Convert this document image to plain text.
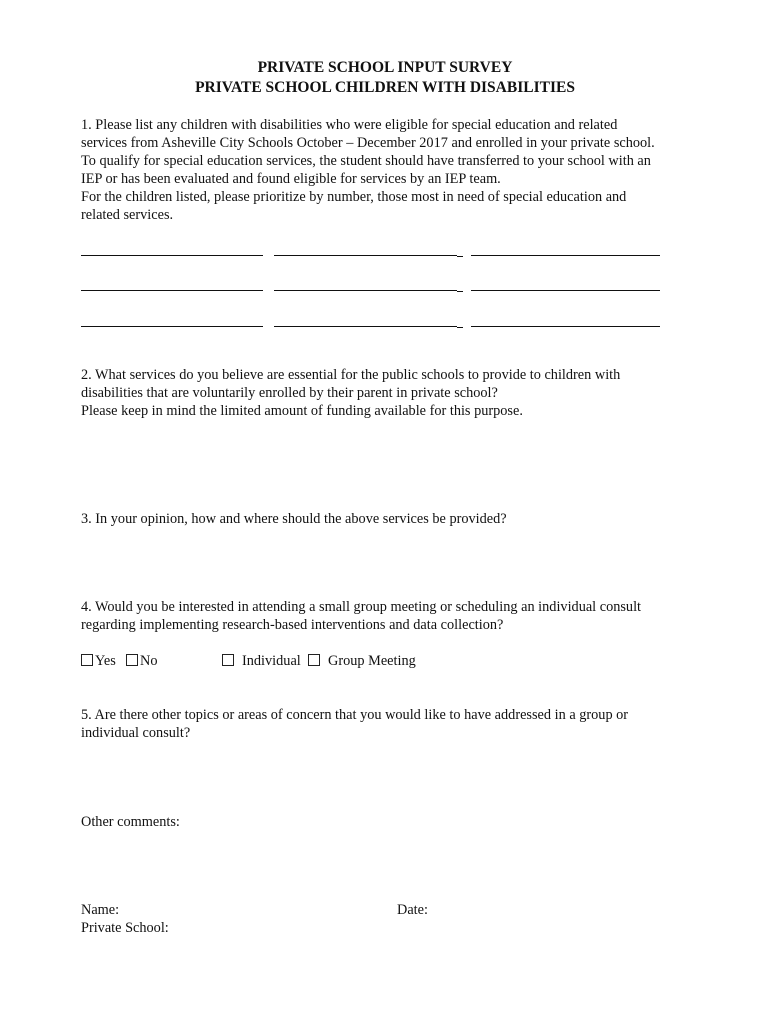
PRIVATE SCHOOL INPUT SURVEY
PRIVATE SCHOOL CHILDREN WITH DISABILITIES
1. Please list any children with disabilities who were eligible for special education and related
services from Asheville City Schools October – December 2017 and enrolled in your private school.
To qualify for special education services, the student should have transferred to your school with an
IEP or has been evaluated and found eligible for services by an IEP team.
For the children listed, please prioritize by number, those most in need of special education and
related services.
2. What services do you believe are essential for the public schools to provide to children with
disabilities that are voluntarily enrolled by their parent in private school?
Please keep in mind the limited amount of funding available for this purpose.
3. In your opinion, how and where should the above services be provided?
4. Would you be interested in attending a small group meeting or scheduling an individual consult
regarding implementing research-based interventions and data collection?
Yes	No	Individual	Group Meeting
5. Are there other topics or areas of concern that you would like to have addressed in a group or
individual consult?
Other comments:
Name:	Date:
Private School:
